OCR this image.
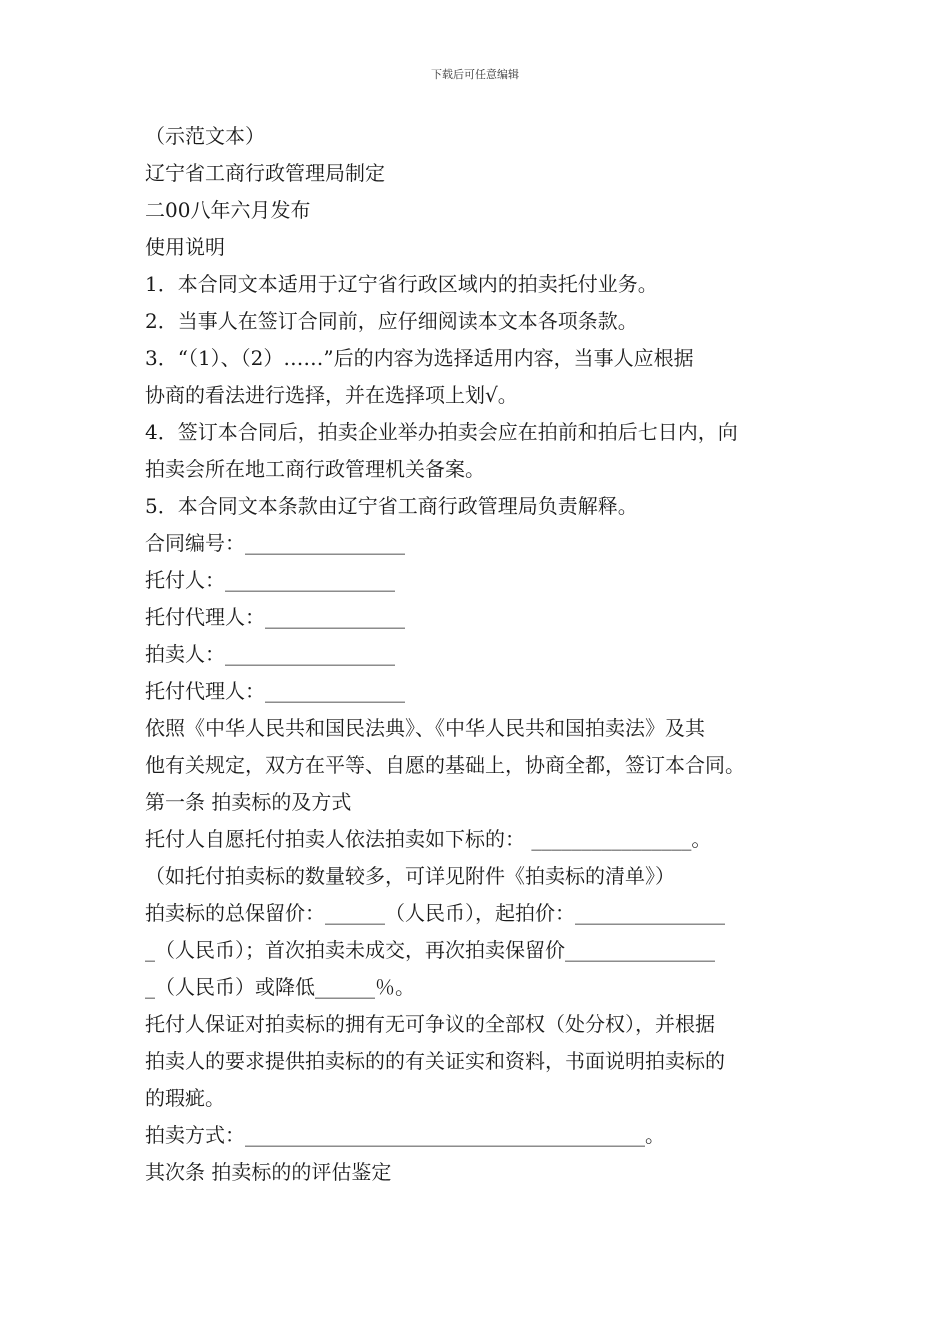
下载后可任意编辑
（示范文本）
辽宁省工商行政管理局制定
二00八年六月发布
使用说明
1．本合同文本适用于辽宁省行政区域内的拍卖托付业务。
2．当事人在签订合同前，应仔细阅读本文本各项条款。
3．“（1）、（2）……”后的内容为选择适用内容，当事人应根据
协商的看法进行选择，并在选择项上划√。
4．签订本合同后，拍卖企业举办拍卖会应在拍前和拍后七日内，向
拍卖会所在地工商行政管理机关备案。
5．本合同文本条款由辽宁省工商行政管理局负责解释。
合同编号：________________
托付人：_________________
托付代理人：______________
拍卖人：_________________
托付代理人：______________
依照《中华人民共和国民法典》、《中华人民共和国拍卖法》及其
他有关规定，双方在平等、自愿的基础上，协商全都，签订本合同。
第一条 拍卖标的及方式
托付人自愿托付拍卖人依法拍卖如下标的： ________________。
（如托付拍卖标的数量较多，可详见附件《拍卖标的清单》）
拍卖标的总保留价：______（人民币），起拍价：_______________
_（人民币）；首次拍卖未成交，再次拍卖保留价_______________
_（人民币）或降低______％。
托付人保证对拍卖标的拥有无可争议的全部权（处分权），并根据
拍卖人的要求提供拍卖标的的有关证实和资料，书面说明拍卖标的
的瑕疵。
拍卖方式：________________________________________。
其次条 拍卖标的的评估鉴定
